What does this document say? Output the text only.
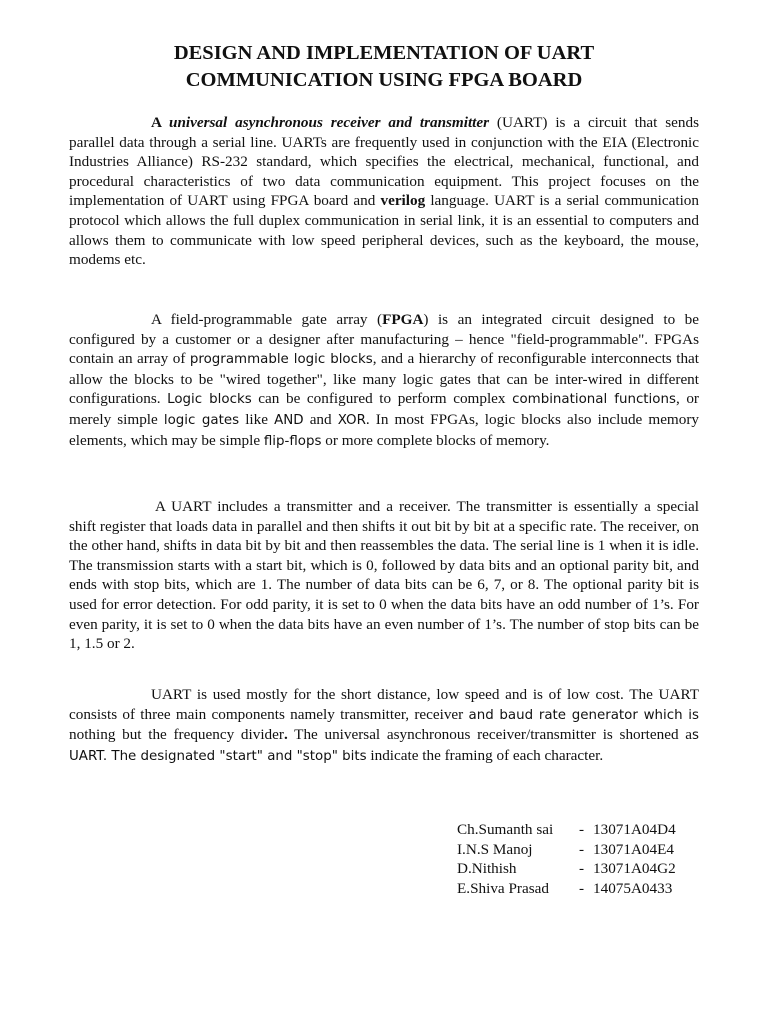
DESIGN AND IMPLEMENTATION OF UART
COMMUNICATION USING FPGA BOARD

A universal asynchronous receiver and transmitter (UART) is a circuit that sends parallel data through a serial line. UARTs are frequently used in conjunction with the EIA (Electronic Industries Alliance) RS-232 standard, which specifies the electrical, mechanical, functional, and procedural characteristics of two data communication equipment. This project focuses on the implementation of UART using FPGA board and verilog language. UART is a serial communication protocol which allows the full duplex communication in serial link, it is an essential to computers and allows them to communicate with low speed peripheral devices, such as the keyboard, the mouse, modems etc.

A field-programmable gate array (FPGA) is an integrated circuit designed to be configured by a customer or a designer after manufacturing – hence "field-programmable". FPGAs contain an array of programmable logic blocks, and a hierarchy of reconfigurable interconnects that allow the blocks to be "wired together", like many logic gates that can be inter-wired in different configurations. Logic blocks can be configured to perform complex combinational functions, or merely simple logic gates like AND and XOR. In most FPGAs, logic blocks also include memory elements, which may be simple flip-flops or more complete blocks of memory.

A UART includes a transmitter and a receiver. The transmitter is essentially a special shift register that loads data in parallel and then shifts it out bit by bit at a specific rate. The receiver, on the other hand, shifts in data bit by bit and then reassembles the data. The serial line is 1 when it is idle. The transmission starts with a start bit, which is 0, followed by data bits and an optional parity bit, and ends with stop bits, which are 1. The number of data bits can be 6, 7, or 8. The optional parity bit is used for error detection. For odd parity, it is set to 0 when the data bits have an odd number of 1’s. For even parity, it is set to 0 when the data bits have an even number of 1’s. The number of stop bits can be 1, 1.5 or 2.

UART is used mostly for the short distance, low speed and is of low cost. The UART consists of three main components namely transmitter, receiver and baud rate generator which is nothing but the frequency divider. The universal asynchronous receiver/transmitter is shortened as UART. The designated "start" and "stop" bits indicate the framing of each character.

Ch.Sumanth sai	- 13071A04D4
I.N.S Manoj	- 13071A04E4
D.Nithish	- 13071A04G2
E.Shiva Prasad	- 14075A0433
